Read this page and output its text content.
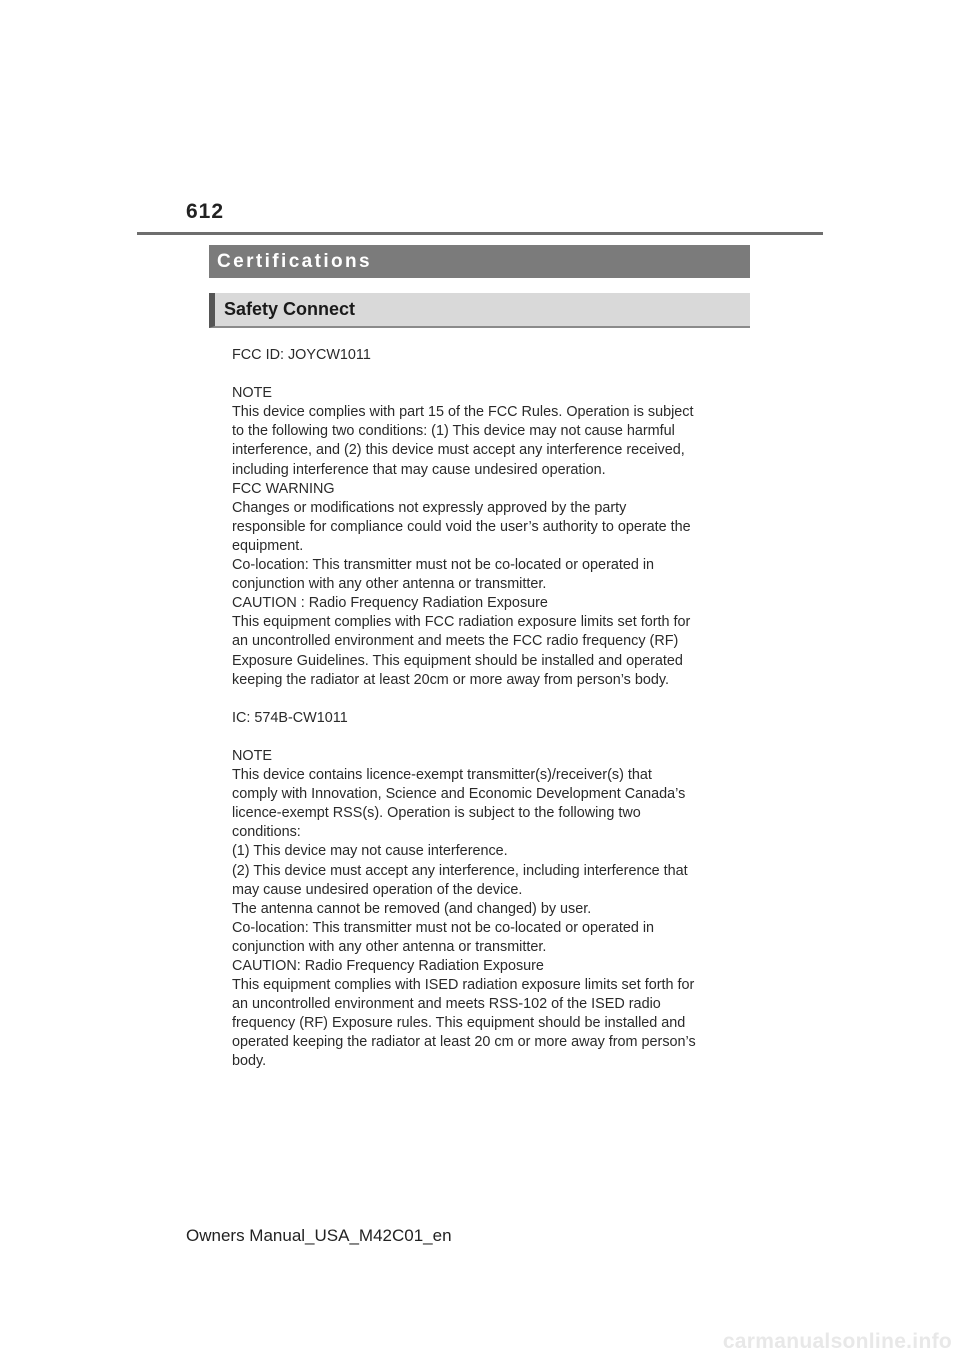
612
Certifications
Safety Connect
FCC ID: JOYCW1011
NOTE
This device complies with part 15 of the FCC Rules. Operation is subject
to the following two conditions: (1) This device may not cause harmful
interference, and (2) this device must accept any interference received,
including interference that may cause undesired operation.
FCC WARNING
Changes or modifications not expressly approved by the party
responsible for compliance could void the user’s authority to operate the
equipment.
Co-location: This transmitter must not be co-located or operated in
conjunction with any other antenna or transmitter.
CAUTION : Radio Frequency Radiation Exposure
This equipment complies with FCC radiation exposure limits set forth for
an uncontrolled environment and meets the FCC radio frequency (RF)
Exposure Guidelines. This equipment should be installed and operated
keeping the radiator at least 20cm or more away from person’s body.
IC: 574B-CW1011
NOTE
This device contains licence-exempt transmitter(s)/receiver(s) that
comply with Innovation, Science and Economic Development Canada’s
licence-exempt RSS(s). Operation is subject to the following two
conditions:
(1) This device may not cause interference.
(2) This device must accept any interference, including interference that
may cause undesired operation of the device.
The antenna cannot be removed (and changed) by user.
Co-location: This transmitter must not be co-located or operated in
conjunction with any other antenna or transmitter.
CAUTION: Radio Frequency Radiation Exposure
This equipment complies with ISED radiation exposure limits set forth for
an uncontrolled environment and meets RSS-102 of the ISED radio
frequency (RF) Exposure rules. This equipment should be installed and
operated keeping the radiator at least 20 cm or more away from person’s
body.
Owners Manual_USA_M42C01_en
carmanualsonline.info
